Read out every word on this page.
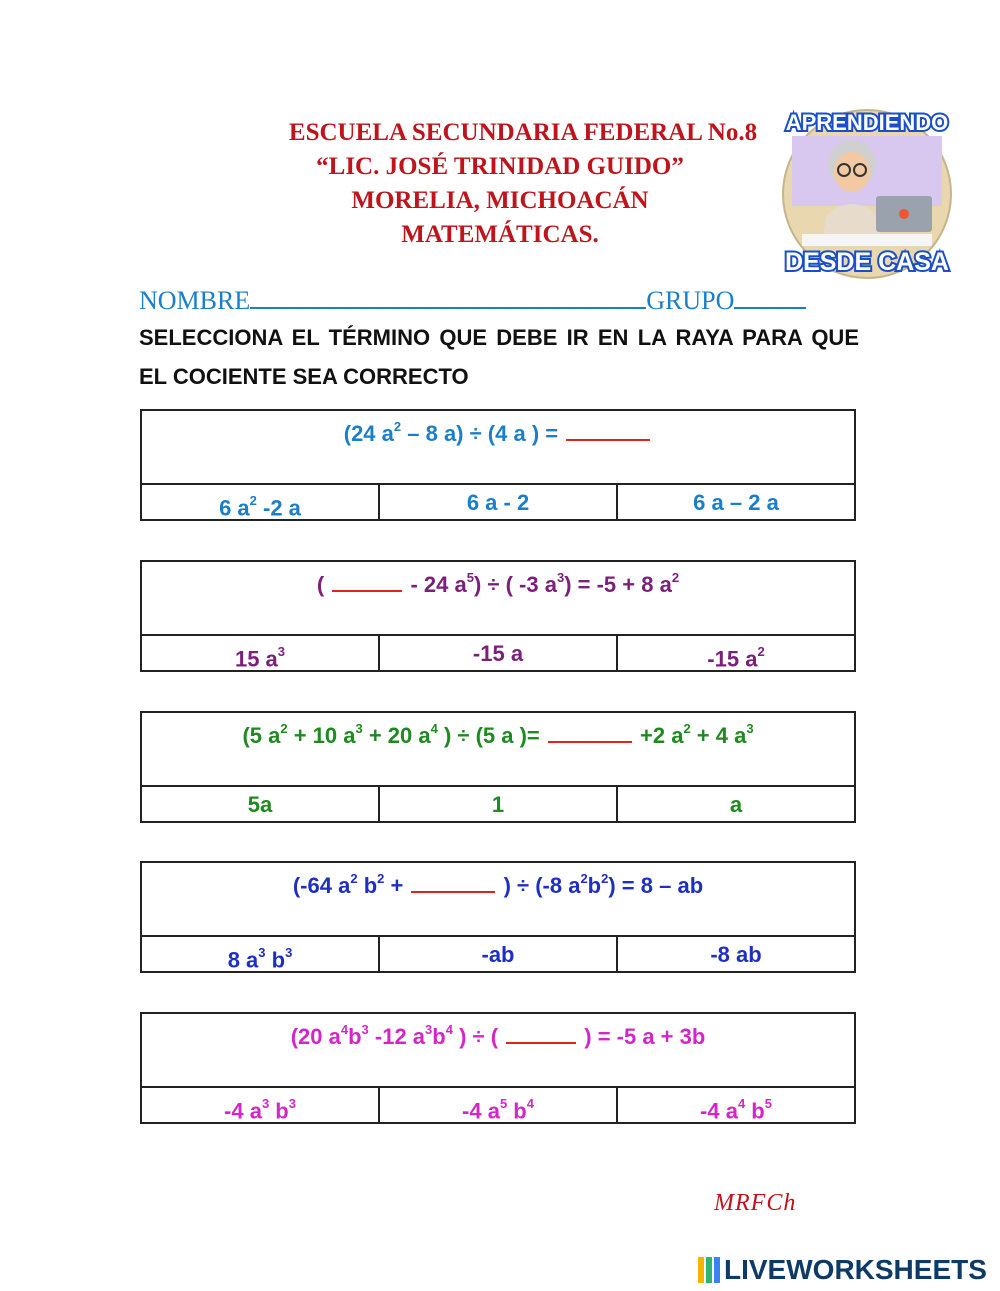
ESCUELA SECUNDARIA FEDERAL No.8
“LIC. JOSÉ TRINIDAD GUIDO”
MORELIA, MICHOACÁN
MATEMÁTICAS.
APRENDIENDO
DESDE CASA
NOMBRE	GRUPO
SELECCIONA EL TÉRMINO QUE DEBE IR EN LA RAYA PARA QUE EL COCIENTE SEA CORRECTO
(24 $a^2 - 8$ a) ÷ (4 a ) =
6 $a^2$ -2 a	6 a - 2	6 a – 2 a
(	- 24 $a^5$) ÷ ( -3 $a^3) = -5 + 8$ $a^2$
15 $a^3$	-15 a	-15 $a^2$
(5 $a^2 + 10$ $a^3 + 20$ $a^4$ ) ÷ (5 a )=	+2 $a^2 + 4$ $a^3$
5a	1	a
(-64 $a^2$ $b^2$ +	) ÷ (-8 $a^2b^2) = 8$ – ab
8 $a^3$ $b^3$	-ab	-8 ab
(20 $a^4b^3$ -12 $a^3b^4$ ) ÷ (	) = -5 a + 3b
-4 $a^3$ $b^3$	-4 $a^5$ $b^4$	-4 $a^4$ $b^5$
MRFCh
LIVEWORKSHEETS
